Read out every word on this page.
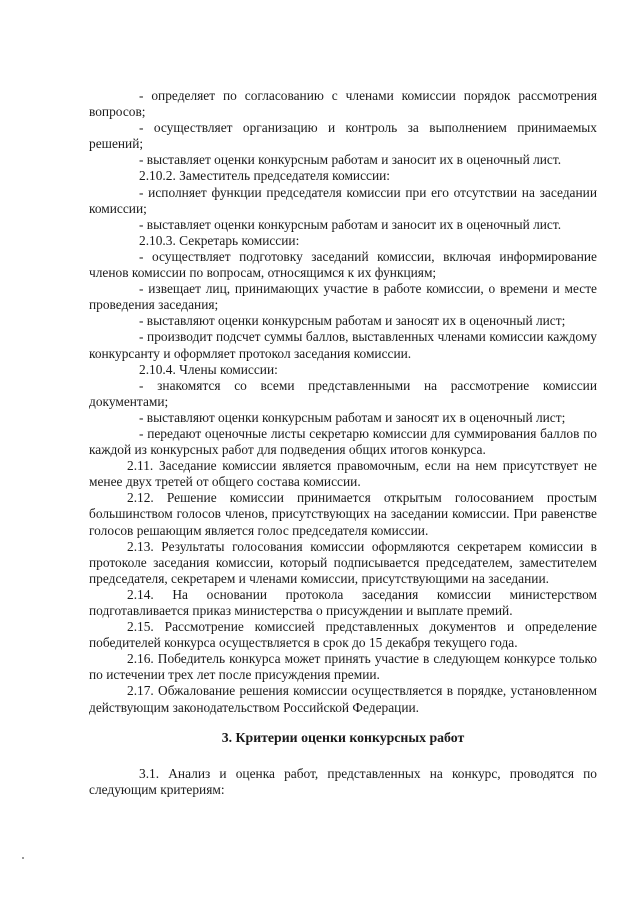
- определяет по согласованию с членами комиссии порядок рассмотрения вопросов;

- осуществляет организацию и контроль за выполнением принимаемых решений;

- выставляет оценки конкурсным работам и заносит их в оценочный лист.

2.10.2. Заместитель председателя комиссии:

- исполняет функции председателя комиссии при его отсутствии на заседании комиссии;

- выставляет оценки конкурсным работам и заносит их в оценочный лист.

2.10.3. Секретарь комиссии:

- осуществляет подготовку заседаний комиссии, включая информирование членов комиссии по вопросам, относящимся к их функциям;

- извещает лиц, принимающих участие в работе комиссии, о времени и месте проведения заседания;

- выставляют оценки конкурсным работам и заносят их в оценочный лист;

- производит подсчет суммы баллов, выставленных членами комиссии каждому конкурсанту и оформляет протокол заседания комиссии.

2.10.4. Члены комиссии:

- знакомятся со всеми представленными на рассмотрение комиссии документами;

- выставляют оценки конкурсным работам и заносят их в оценочный лист;

- передают оценочные листы секретарю комиссии для суммирования баллов по каждой из конкурсных работ для подведения общих итогов конкурса.

2.11. Заседание комиссии является правомочным, если на нем присутствует не менее двух третей от общего состава комиссии.

2.12. Решение комиссии принимается открытым голосованием простым большинством голосов членов, присутствующих на заседании комиссии. При равенстве голосов решающим является голос председателя комиссии.

2.13. Результаты голосования комиссии оформляются секретарем комиссии в протоколе заседания комиссии, который подписывается председателем, заместителем председателя, секретарем и членами комиссии, присутствующими на заседании.

2.14. На основании протокола заседания комиссии министерством подготавливается приказ министерства о присуждении и выплате премий.

2.15. Рассмотрение комиссией представленных документов и определение победителей конкурса осуществляется в срок до 15 декабря текущего года.

2.16. Победитель конкурса может принять участие в следующем конкурсе только по истечении трех лет после присуждения премии.

2.17. Обжалование решения комиссии осуществляется в порядке, установленном действующим законодательством Российской Федерации.

3. Критерии оценки конкурсных работ

3.1. Анализ и оценка работ, представленных на конкурс, проводятся по следующим критериям:
